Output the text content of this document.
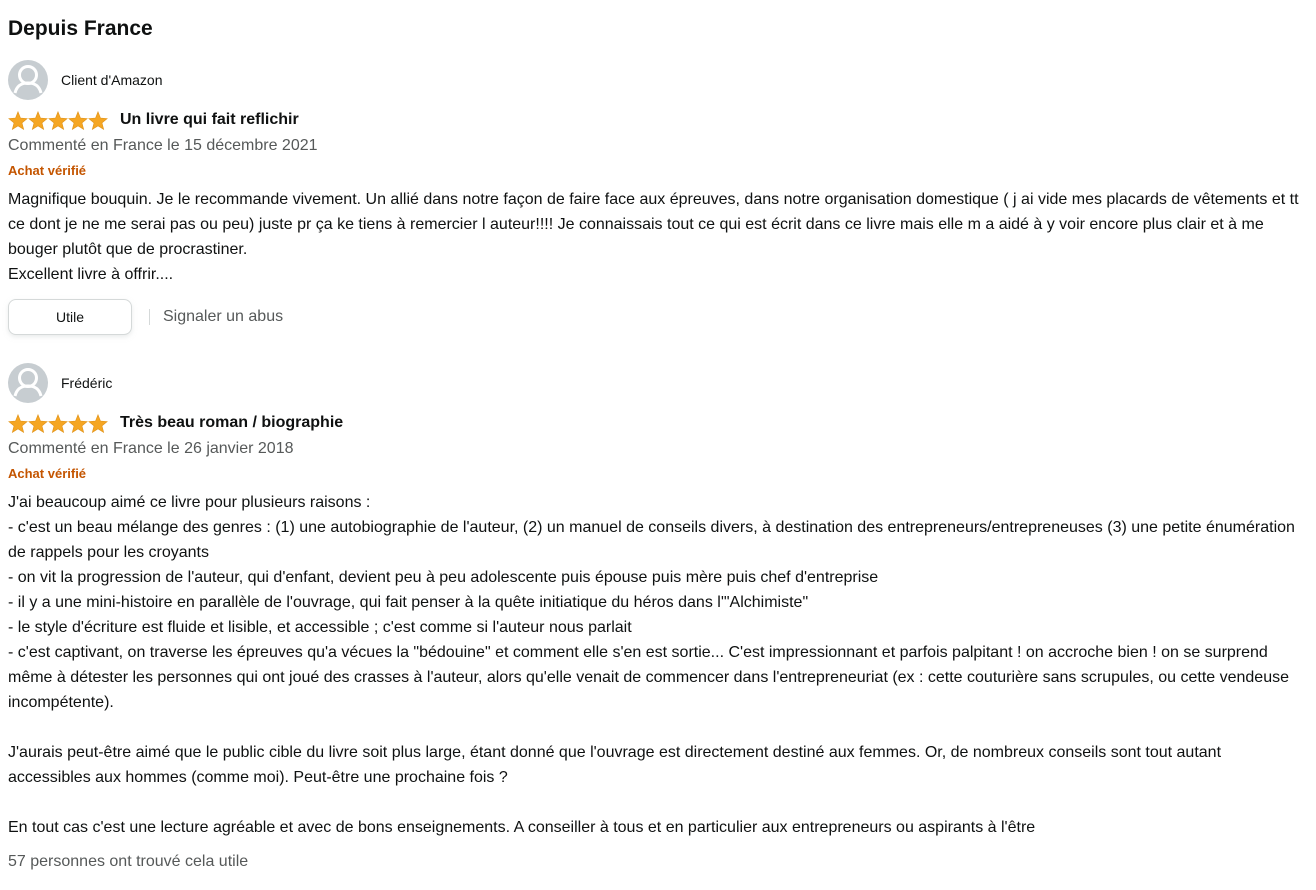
Depuis France
Client d'Amazon
Un livre qui fait reflichir
Commenté en France le 15 décembre 2021
Achat vérifié

Magnifique bouquin. Je le recommande vivement. Un allié dans notre façon de faire face aux épreuves, dans notre organisation domestique ( j ai vide mes placards de vêtements et tt ce dont je ne me serai pas ou peu) juste pr ça ke tiens à remercier l auteur!!!! Je connaissais tout ce qui est écrit dans ce livre mais elle m a aidé à y voir encore plus clair et à me bouger plutôt que de procrastiner.

Excellent livre à offrir....

Utile	Signaler un abus
Frédéric
Très beau roman / biographie
Commenté en France le 26 janvier 2018
Achat vérifié

J'ai beaucoup aimé ce livre pour plusieurs raisons :

- c'est un beau mélange des genres : (1) une autobiographie de l'auteur, (2) un manuel de conseils divers, à destination des entrepreneurs/entrepreneuses (3) une petite énumération de rappels pour les croyants

- on vit la progression de l'auteur, qui d'enfant, devient peu à peu adolescente puis épouse puis mère puis chef d'entreprise

- il y a une mini-histoire en parallèle de l'ouvrage, qui fait penser à la quête initiatique du héros dans l'"Alchimiste"

- le style d'écriture est fluide et lisible, et accessible ; c'est comme si l'auteur nous parlait

- c'est captivant, on traverse les épreuves qu'a vécues la "bédouine" et comment elle s'en est sortie... C'est impressionnant et parfois palpitant ! on accroche bien ! on se surprend même à détester les personnes qui ont joué des crasses à l'auteur, alors qu'elle venait de commencer dans l'entrepreneuriat (ex : cette couturière sans scrupules, ou cette vendeuse incompétente).

J'aurais peut-être aimé que le public cible du livre soit plus large, étant donné que l'ouvrage est directement destiné aux femmes. Or, de nombreux conseils sont tout autant accessibles aux hommes (comme moi). Peut-être une prochaine fois ?

En tout cas c'est une lecture agréable et avec de bons enseignements. A conseiller à tous et en particulier aux entrepreneurs ou aspirants à l'être

57 personnes ont trouvé cela utile
